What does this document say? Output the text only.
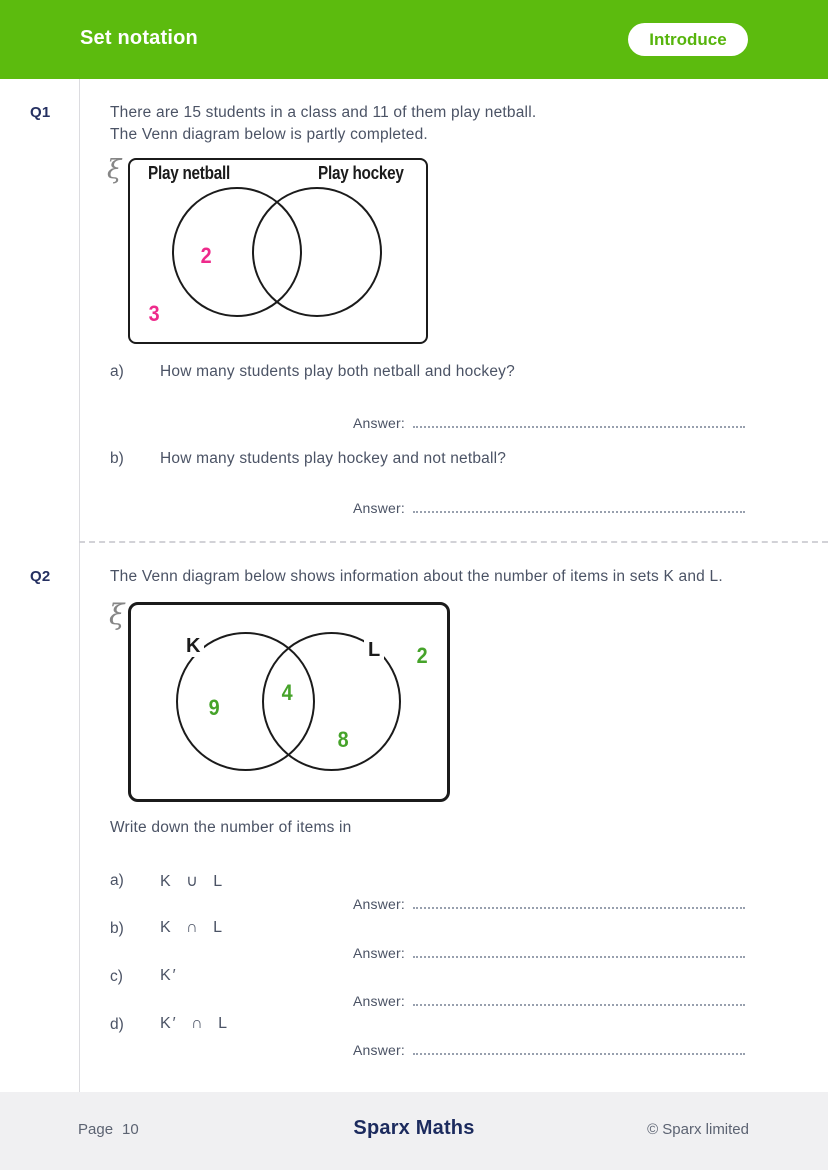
Set notation	Introduce
Q1	There are 15 students in a class and 11 of them play netball.
The Venn diagram below is partly completed.
ξ Play netball	Play hockey
2
3
a) How many students play both netball and hockey?
Answer:
b) How many students play hockey and not netball?
Answer:
Q2	The Venn diagram below shows information about the number of items in sets K and L.
ξ
K	L 2
9
4
8
Write down the number of items in
a) K ∪ L
Answer:
b) K ∩ L
Answer:
c) K′
Answer:
d) K′ ∩ L
Answer:
Page 10	Sparx Maths	© Sparx limited
